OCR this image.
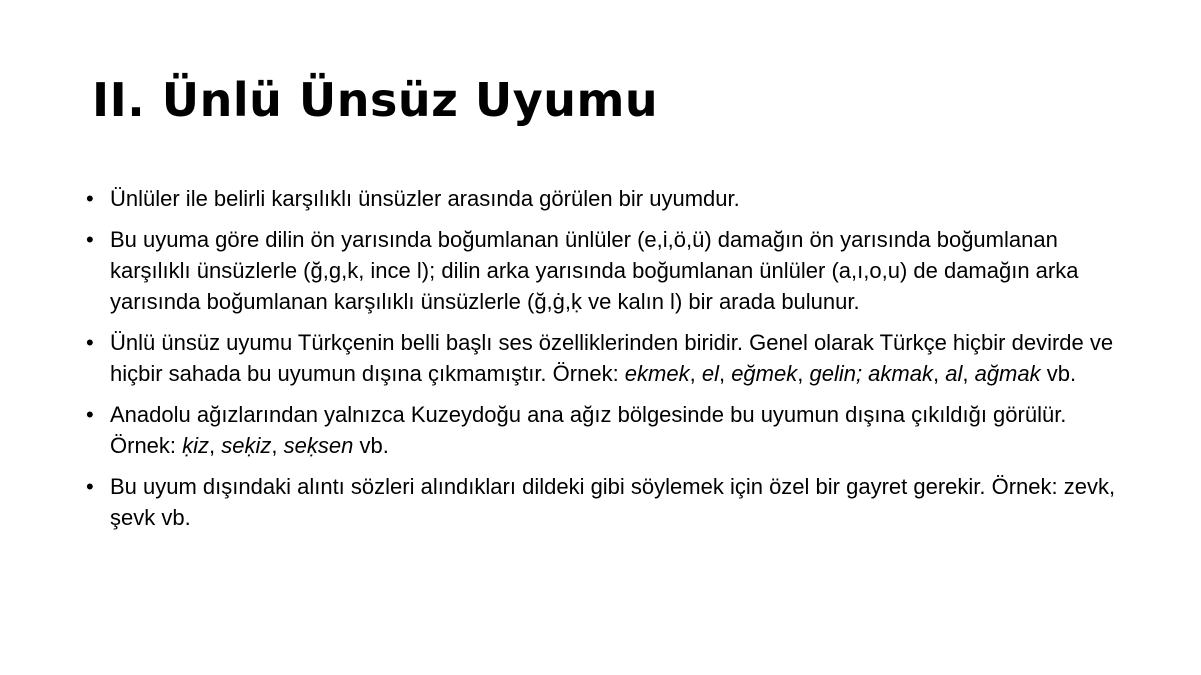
II. Ünlü Ünsüz Uyumu
• Ünlüler ile belirli karşılıklı ünsüzler arasında görülen bir uyumdur.
• Bu uyuma göre dilin ön yarısında boğumlanan ünlüler (e,i,ö,ü) damağın ön yarısında boğumlanan karşılıklı ünsüzlerle (ğ,g,k, ince l); dilin arka yarısında boğumlanan ünlüler (a,ı,o,u) de damağın arka yarısında boğumlanan karşılıklı ünsüzlerle (ğ,ġ,ḳ ve kalın l) bir arada bulunur.
• Ünlü ünsüz uyumu Türkçenin belli başlı ses özelliklerinden biridir. Genel olarak Türkçe hiçbir devirde ve hiçbir sahada bu uyumun dışına çıkmamıştır. Örnek: ekmek, el, eğmek, gelin; akmak, al, ağmak vb.
• Anadolu ağızlarından yalnızca Kuzeydoğu ana ağız bölgesinde bu uyumun dışına çıkıldığı görülür. Örnek: ḳiz, seḳiz, seḳsen vb.
• Bu uyum dışındaki alıntı sözleri alındıkları dildeki gibi söylemek için özel bir gayret gerekir. Örnek: zevk, şevk vb.
